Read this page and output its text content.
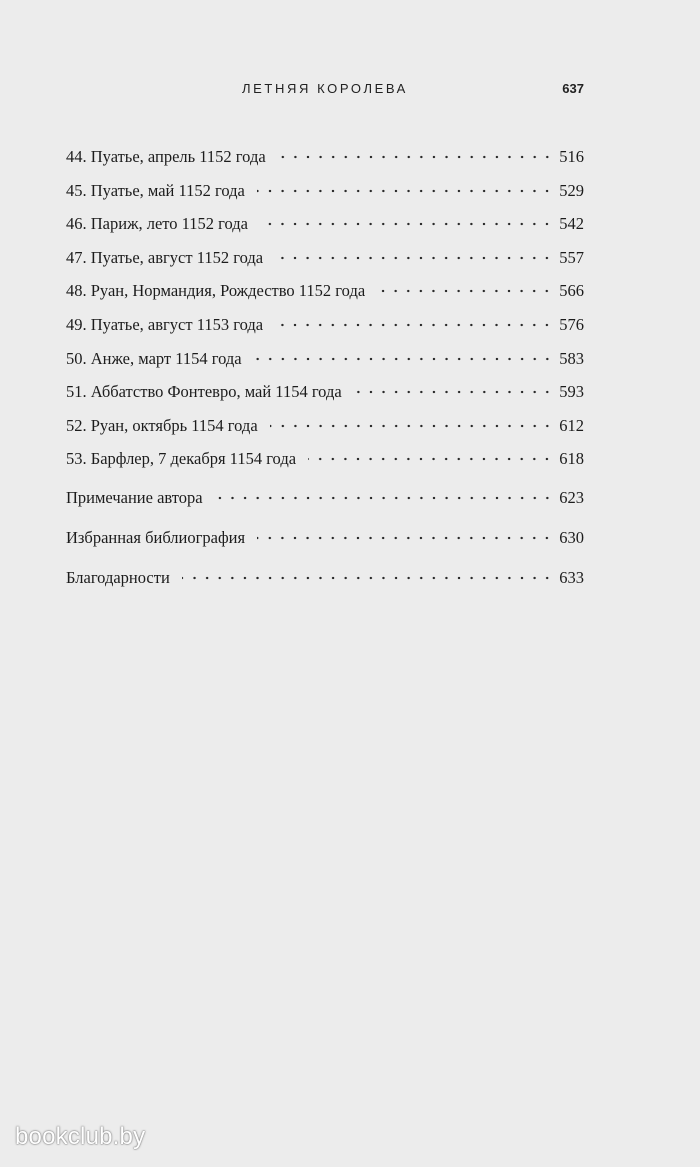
ЛЕТНЯЯ КОРОЛЕВА	637
44. Пуатье, апрель 1152 года	516
45. Пуатье, май 1152 года	529
46. Париж, лето 1152 года	542
47. Пуатье, август 1152 года	557
48. Руан, Нормандия, Рождество 1152 года	566
49. Пуатье, август 1153 года	576
50. Анже, март 1154 года	583
51. Аббатство Фонтевро, май 1154 года	593
52. Руан, октябрь 1154 года	612
53. Барфлер, 7 декабря 1154 года	618
Примечание автора	623
Избранная библиография	630
Благодарности	633
bookclub.by
